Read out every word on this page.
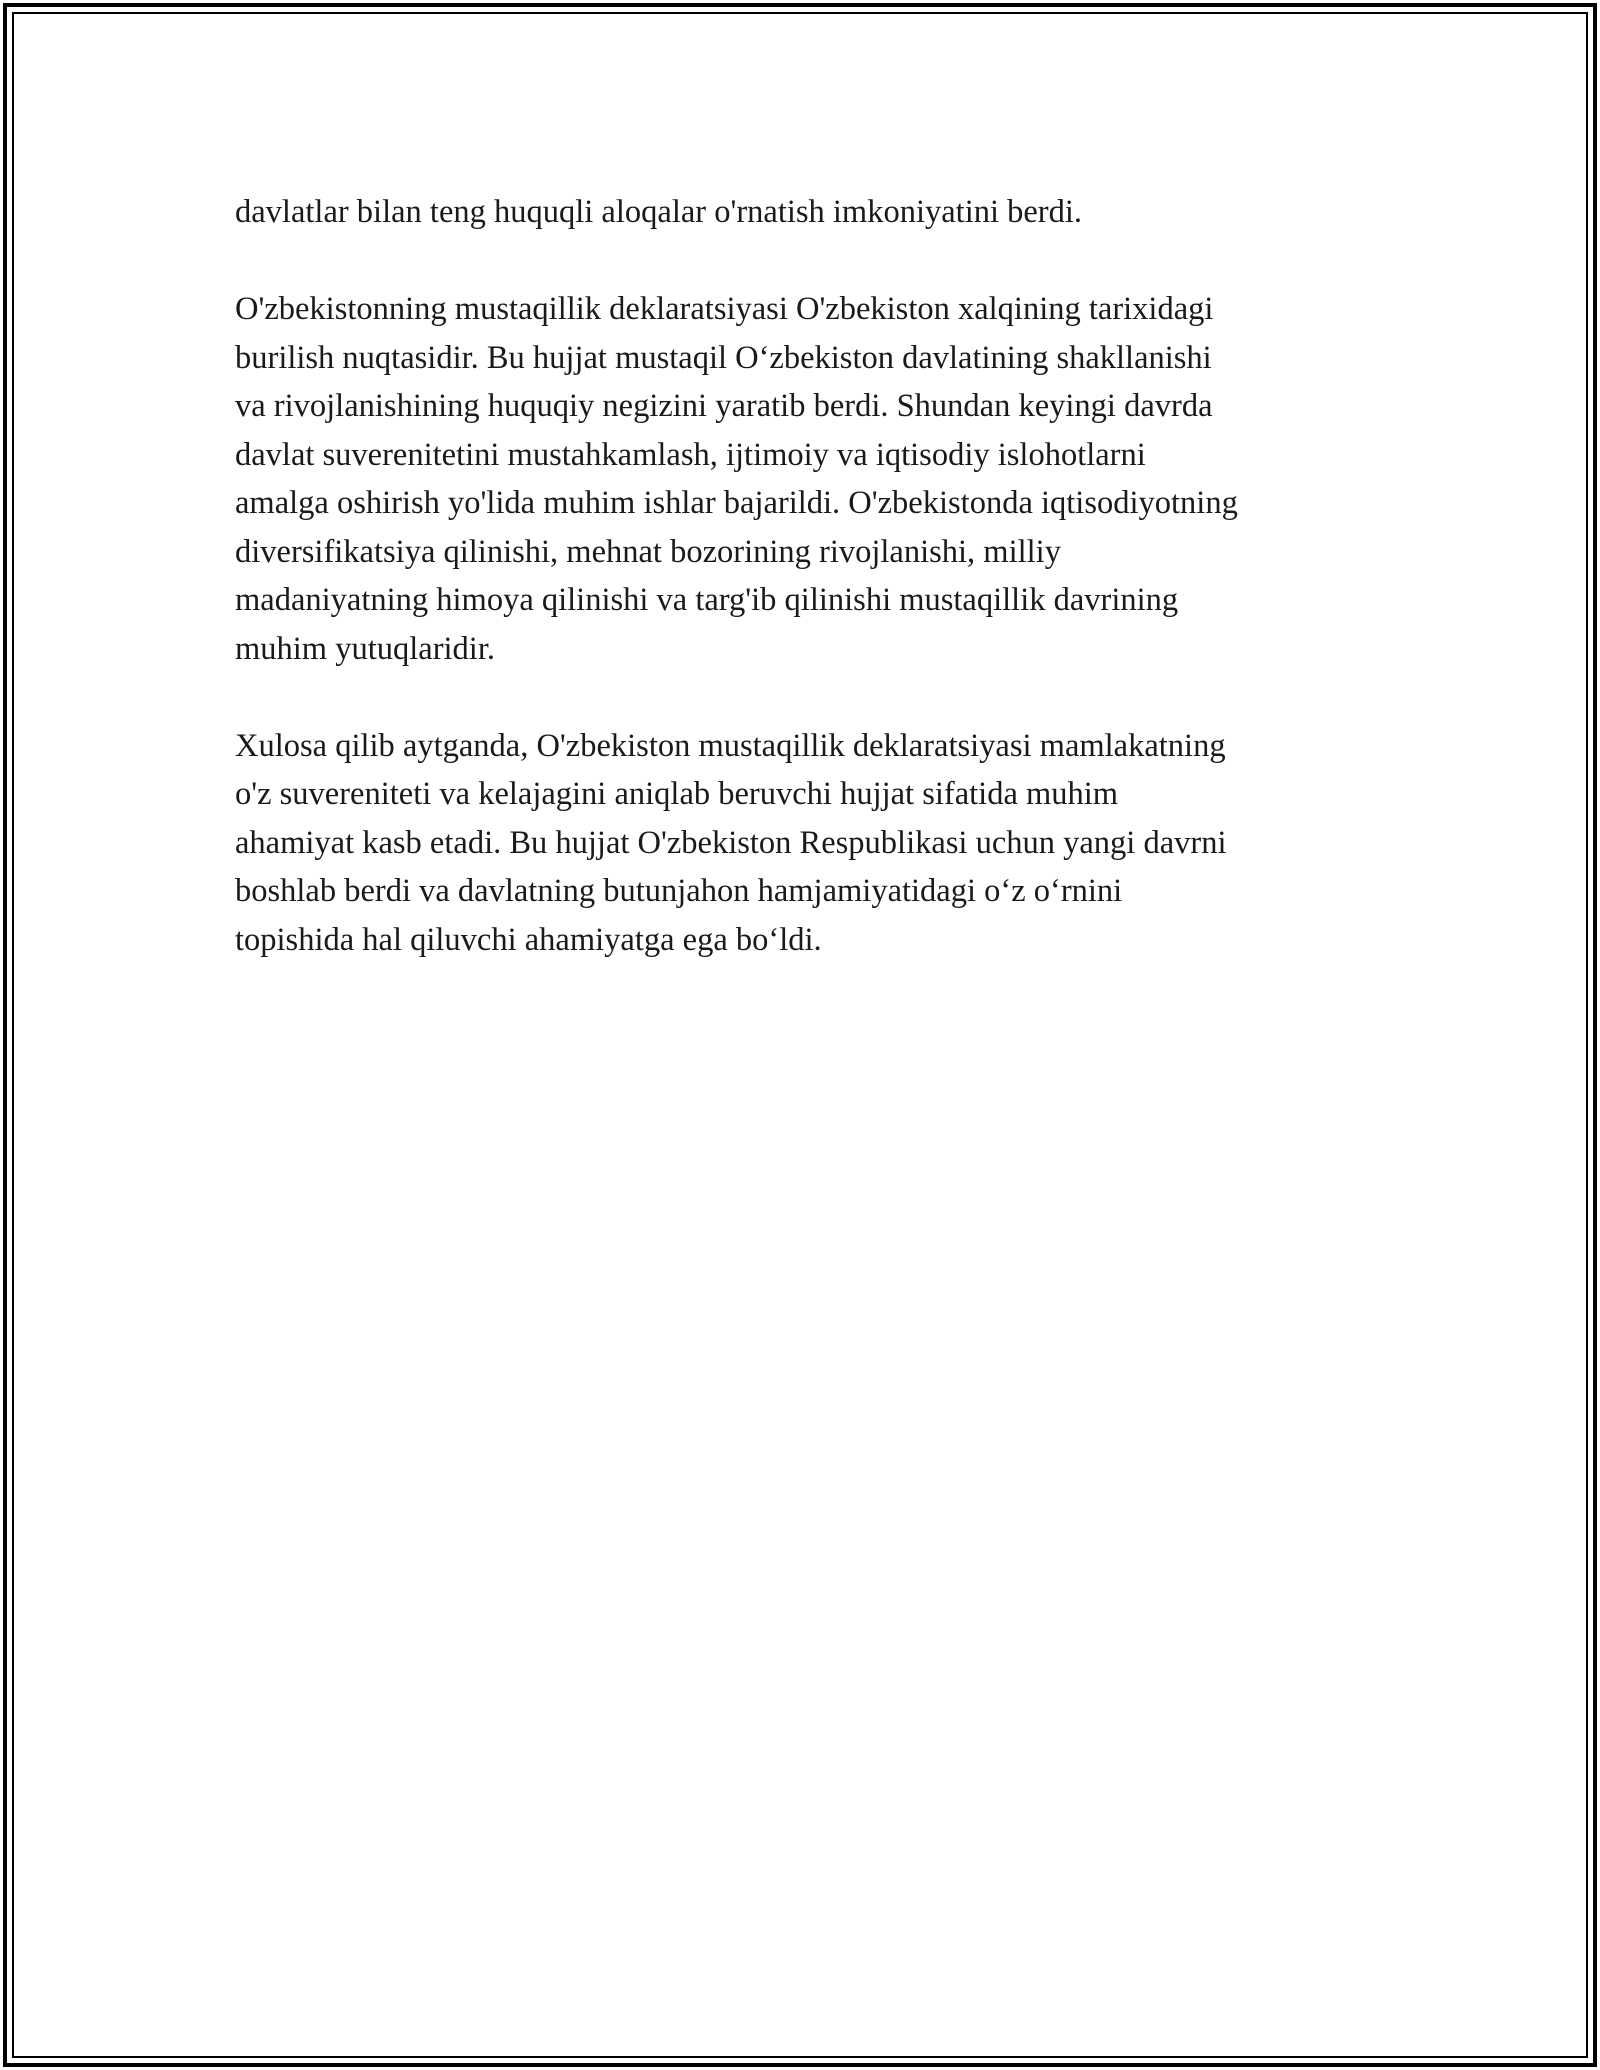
davlatlar bilan teng huquqli aloqalar o'rnatish imkoniyatini berdi.

O'zbekistonning mustaqillik deklaratsiyasi O'zbekiston xalqining tarixidagi
burilish nuqtasidir. Bu hujjat mustaqil O‘zbekiston davlatining shakllanishi
va rivojlanishining huquqiy negizini yaratib berdi. Shundan keyingi davrda
davlat suverenitetini mustahkamlash, ijtimoiy va iqtisodiy islohotlarni
amalga oshirish yo'lida muhim ishlar bajarildi. O'zbekistonda iqtisodiyotning
diversifikatsiya qilinishi, mehnat bozorining rivojlanishi, milliy
madaniyatning himoya qilinishi va targ'ib qilinishi mustaqillik davrining
muhim yutuqlaridir.

Xulosa qilib aytganda, O'zbekiston mustaqillik deklaratsiyasi mamlakatning
o'z suvereniteti va kelajagini aniqlab beruvchi hujjat sifatida muhim
ahamiyat kasb etadi. Bu hujjat O'zbekiston Respublikasi uchun yangi davrni
boshlab berdi va davlatning butunjahon hamjamiyatidagi o‘z o‘rnini
topishida hal qiluvchi ahamiyatga ega bo‘ldi.
